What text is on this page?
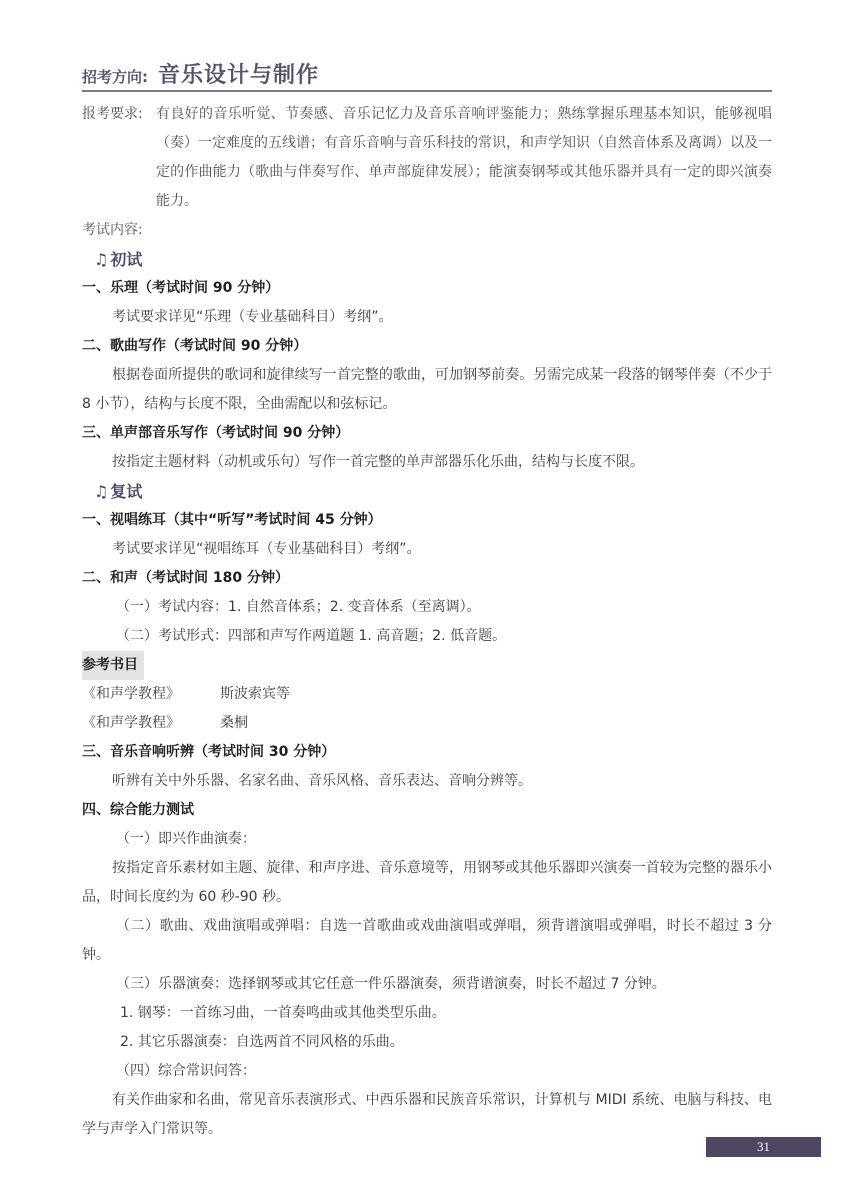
招考方向: 音乐设计与制作
报考要求: 有良好的音乐听觉、节奏感、音乐记忆力及音乐音响评鉴能力；熟练掌握乐理基本知识，能够视唱（奏）一定难度的五线谱；有音乐音响与音乐科技的常识，和声学知识（自然音体系及离调）以及一定的作曲能力（歌曲与伴奏写作、单声部旋律发展）；能演奏钢琴或其他乐器并具有一定的即兴演奏能力。
考试内容:
♫ 初试
一、乐理（考试时间 90 分钟）
考试要求详见“乐理（专业基础科目）考纲”。
二、歌曲写作（考试时间 90 分钟）
根据卷面所提供的歌词和旋律续写一首完整的歌曲，可加钢琴前奏。另需完成某一段落的钢琴伴奏（不少于 8 小节），结构与长度不限，全曲需配以和弦标记。
三、单声部音乐写作（考试时间 90 分钟）
按指定主题材料（动机或乐句）写作一首完整的单声部器乐化乐曲，结构与长度不限。
♫ 复试
一、视唱练耳（其中“听写”考试时间 45 分钟）
考试要求详见“视唱练耳（专业基础科目）考纲”。
二、和声（考试时间 180 分钟）
（一）考试内容：1. 自然音体系；2. 变音体系（至离调）。
（二）考试形式：四部和声写作两道题 1. 高音题；2. 低音题。
参考书目
《和声学教程》	斯波索宾等
《和声学教程》	桑桐
三、音乐音响听辨（考试时间 30 分钟）
听辨有关中外乐器、名家名曲、音乐风格、音乐表达、音响分辨等。
四、综合能力测试
（一）即兴作曲演奏：
按指定音乐素材如主题、旋律、和声序进、音乐意境等，用钢琴或其他乐器即兴演奏一首较为完整的器乐小品，时间长度约为 60 秒-90 秒。
（二）歌曲、戏曲演唱或弹唱：自选一首歌曲或戏曲演唱或弹唱，须背谱演唱或弹唱，时长不超过 3 分钟。
（三）乐器演奏：选择钢琴或其它任意一件乐器演奏，须背谱演奏，时长不超过 7 分钟。
1. 钢琴：一首练习曲，一首奏鸣曲或其他类型乐曲。
2. 其它乐器演奏：自选两首不同风格的乐曲。
（四）综合常识问答：
有关作曲家和名曲，常见音乐表演形式、中西乐器和民族音乐常识，计算机与 MIDI 系统、电脑与科技、电学与声学入门常识等。
31
